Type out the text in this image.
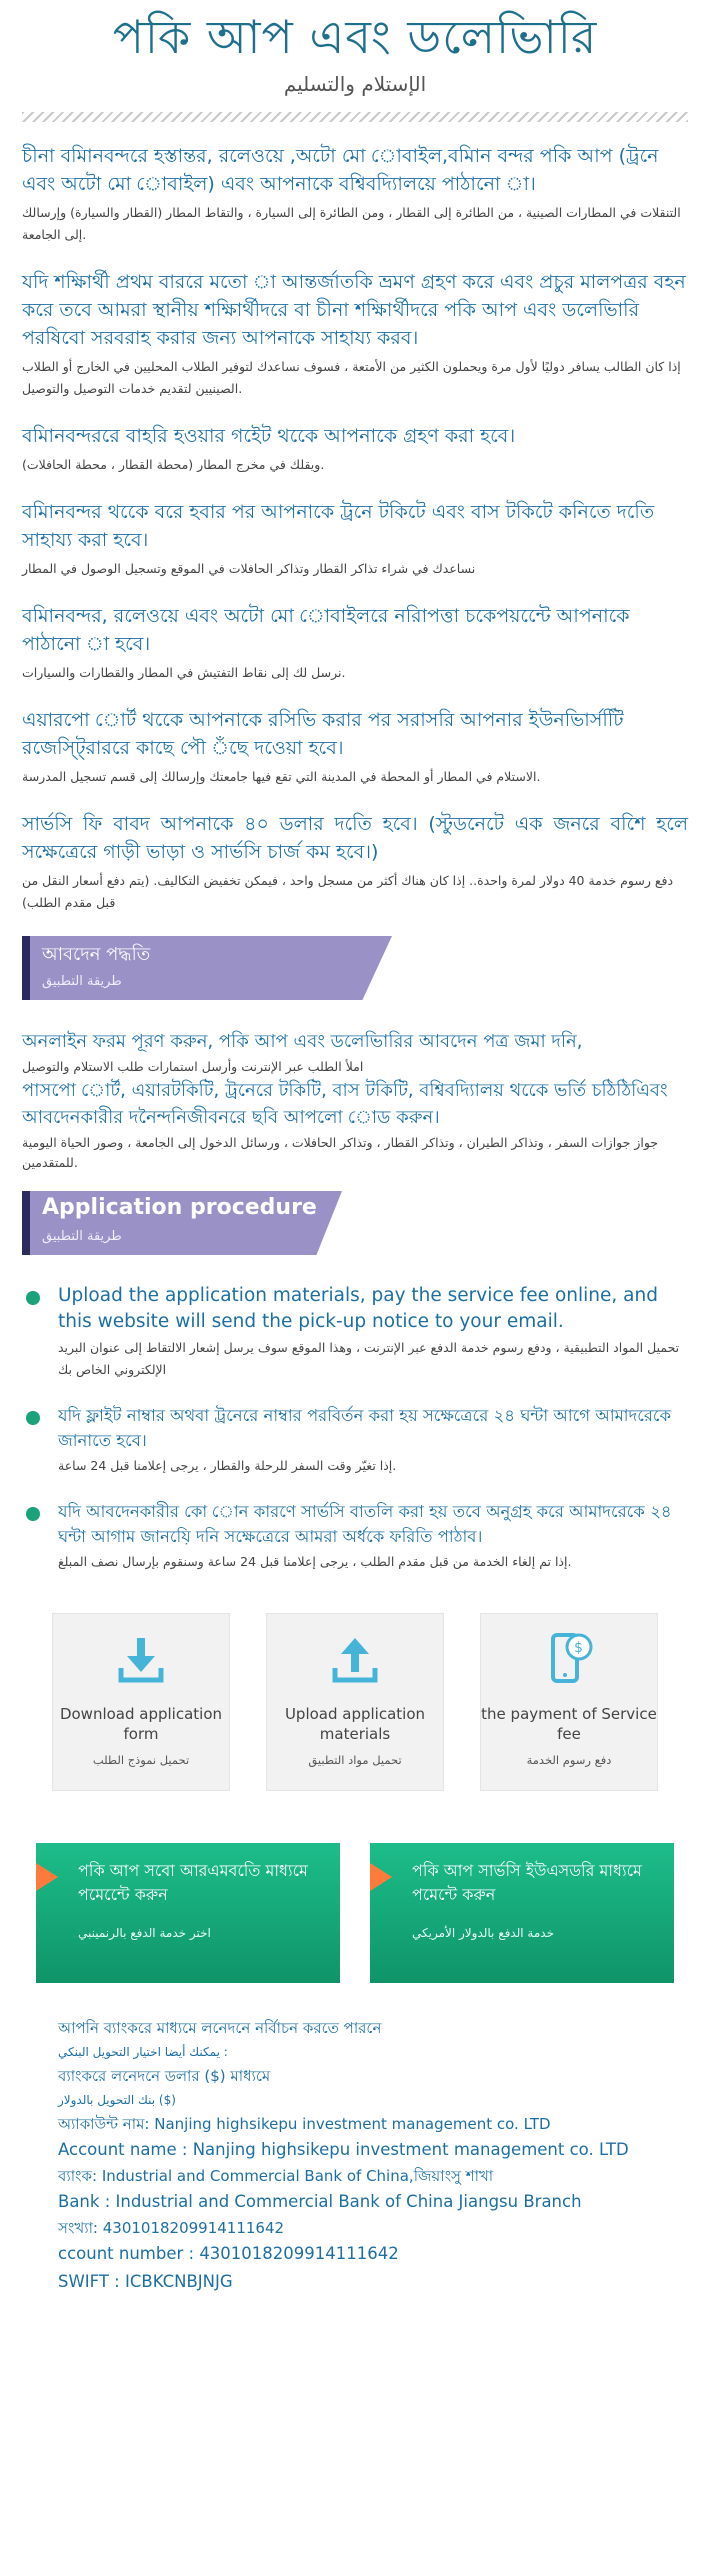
পকি আপ এবং ডলেভিারি
الإستلام والتسليم
চীনা বমিানবন্দরে হস্তান্তর, রলেওয়ে ,অটো মো োবাইল,বমিান বন্দর পকি আপ (ট্রনে এবং অটো মো োবাইল) এবং আপনাকে বশ্বিবদ্যিালয়ে পাঠানো া।
التنقلات في المطارات الصينية ، من الطائرة إلى القطار ، ومن الطائرة إلى السيارة ، والتقاط المطار (القطار والسيارة) وإرسالك إلى الجامعة.
যদি শক্ষিার্থী প্রথম বাররে মতো া আন্তর্জাতকি ভ্রমণ গ্রহণ করে এবং প্রচুর মালপত্রর বহন করে তবে আমরা স্থানীয় শক্ষিার্থীদরে বা চীনা শক্ষিার্থীদরে পকি আপ এবং ডলেভিারি পরষিবো সরবরাহ করার জন্য আপনাকে সাহায্য করব।
إذا كان الطالب يسافر دوليًا لأول مرة ويحملون الكثير من الأمتعة ، فسوف نساعدك لتوفير الطلاب المحليين في الخارج أو الطلاب الصينيين لتقديم خدمات التوصيل والتوصيل.
বমিানবন্দররে বাহরি হওয়ার গইেট থকেে আপনাকে গ্রহণ করা হবে।
ويقلك في مخرج المطار (محطة القطار ، محطة الحافلات).
বমিানবন্দর থকেে বরে হবার পর আপনাকে ট্রনে টকিটে এবং বাস টকিটে কনিতে দতিে সাহায্য করা হবে।
نساعدك في شراء تذاكر القطار وتذاكر الحافلات في الموقع وتسجيل الوصول في المطار
বমিানবন্দর, রলেওয়ে এবং অটো মো োবাইলরে নরিাপত্তা চকেপয়ন্টেে আপনাকে পাঠানো া হবে।
نرسل لك إلى نقاط التفتيش في المطار والقطارات والسيارات.
এয়ারপো োর্ট থকেে আপনাকে রসিভি করার পর সরাসরি আপনার ইউনভিার্সটিি রজেস্টি্রাররে কাছে পৌ ঁছে দওেয়া হবে।
الاستلام في المطار أو المحطة في المدينة التي تقع فيها جامعتك وإرسالك إلى قسم تسجيل المدرسة.
সার্ভসি ফি বাবদ আপনাকে ৪০ ডলার দতিে হবে। (স্টুডনেটে এক জনরে বশেি হলে সক্ষেত্রেরে গাড়ী ভাড়া ও সার্ভসি চার্জ কম হবে।)
دفع رسوم خدمة 40 دولار لمرة واحدة.. إذا كان هناك أكثر من مسجل واحد ، فيمكن تخفيض التكاليف. (يتم دفع أسعار النقل من قبل مقدم الطلب)
আবদেন পদ্ধতি
طريقة التطبيق
অনলাইন ফরম পূরণ করুন, পকি আপ এবং ডলেভিারির আবদেন পত্র জমা দনি,
املأ الطلب عبر الإنترنت وأرسل استمارات طلب الاستلام والتوصيل
পাসপো োর্ট, এয়ারটকিটি, ট্রনেরে টকিটি, বাস টকিটি, বশ্বিবদ্যিালয় থকেে ভর্তি চঠিঠিএিবং আবদেনকারীর দনৈন্দনিজীবনরে ছবি আপলো োড করুন।
جواز جوازات السفر ، وتذاكر الطيران ، وتذاكر القطار ، وتذاكر الحافلات ، ورسائل الدخول إلى الجامعة ، وصور الحياة اليومية للمتقدمين.
Application procedure
طريقة التطبيق
Upload the application materials, pay the service fee online, and this website will send the pick-up notice to your email.
تحميل المواد التطبيقية ، ودفع رسوم خدمة الدفع عبر الإنترنت ، وهذا الموقع سوف يرسل إشعار الالتقاط إلى عنوان البريد الإلكتروني الخاص بك
যদি ফ্লাইট নাম্বার অথবা ট্রনেরে নাম্বার পরবির্তন করা হয় সক্ষেত্রেরে ২৪ ঘন্টা আগে আমাদরেকে জানাতে হবে।
إذا تغيّر وقت السفر للرحلة والقطار ، يرجى إعلامنا قبل 24 ساعة.
যদি আবদেনকারীর কো োন কারণে সার্ভসি বাতলি করা হয় তবে অনুগ্রহ করে আমাদরেকে ২৪ ঘন্টা আগাম জানযি়ে দনি সক্ষেত্রেরে আমরা অর্ধকে ফরিতি পাঠাব।
إذا تم إلغاء الخدمة من قبل مقدم الطلب ، يرجى إعلامنا قبل 24 ساعة وسنقوم بإرسال نصف المبلغ.
Download application form
تحميل نموذج الطلب
Upload application materials
تحميل مواد التطبيق
$
the payment of Service fee
دفع رسوم الخدمة
পকি আপ সবো আরএমবতিে মাধ্যমে পমেন্টেে করুন
اختر خدمة الدفع بالرنمينبي
পকি আপ সার্ভসি ইউএসডরি মাধ্যমে পমেন্টে করুন
خدمة الدفع بالدولار الأمريكي
আপনি ব্যাংকরে মাধ্যমে লনেদনে নর্বিাচন করতে পারনে
يمكنك أيضا اختيار التحويل البنكي :
ব্যাংকরে লনেদনে ডলার ($) মাধ্যমে
بنك التحويل بالدولار ($)
অ্যাকাউন্ট নাম: Nanjing highsikepu investment management co. LTD
Account name : Nanjing highsikepu investment management co. LTD
ব্যাংক: Industrial and Commercial Bank of China,জিয়াংসু শাখা
Bank : Industrial and Commercial Bank of China Jiangsu Branch
সংখ্যা: 4301018209914111642
ccount number : 4301018209914111642
SWIFT : ICBKCNBJNJG
